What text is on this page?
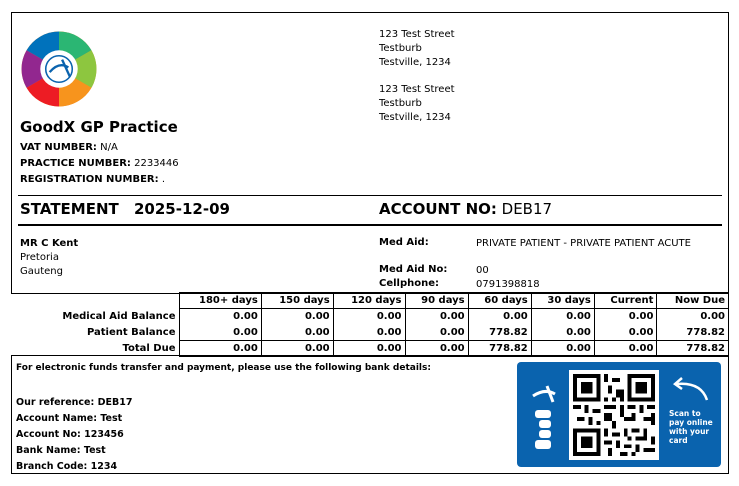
123 Test Street
Testburb
Testville, 1234
123 Test Street
Testburb
Testville, 1234
GoodX GP Practice
VAT NUMBER: N/A
PRACTICE NUMBER: 2233446
REGISTRATION NUMBER: .
STATEMENT 2025-12-09	ACCOUNT NO: DEB17
MR C Kent
Pretoria
Gauteng
Med Aid:	PRIVATE PATIENT - PRIVATE PATIENT ACUTE
Med Aid No:	00
Cellphone:	0791398818
	180+ days	150 days	120 days	90 days	60 days	30 days	Current	Now Due
Medical Aid Balance	0.00	0.00	0.00	0.00	0.00	0.00	0.00	0.00
Patient Balance	0.00	0.00	0.00	0.00	778.82	0.00	0.00	778.82
Total Due	0.00	0.00	0.00	0.00	778.82	0.00	0.00	778.82
For electronic funds transfer and payment, please use the following bank details:
Our reference: DEB17
Account Name: Test
Account No: 123456
Bank Name: Test
Branch Code: 1234
Scan to
pay online
with your
card
